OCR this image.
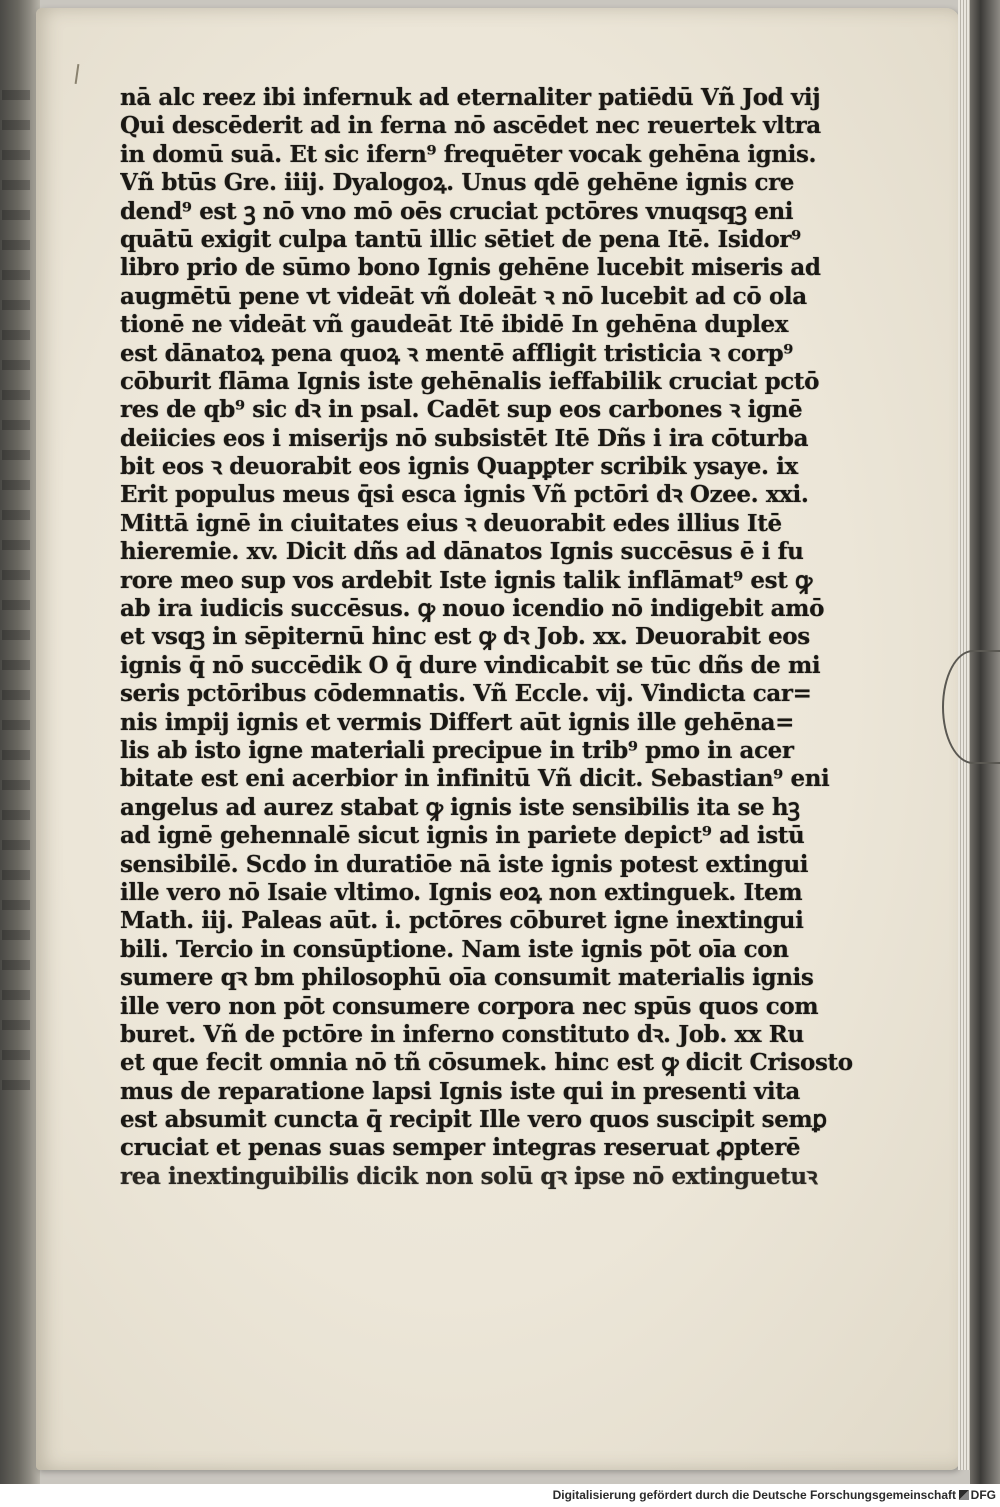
nā alc reez ibi infernuk ad eternaliter patiēdū Vñ Jod vij
Qui descēderit ad in ferna nō ascēdet nec reuertek vltra
in domū suā. Et sic ifern⁹ frequēter vocak gehēna ignis.
Vñ btūs Gre. iiij. Dyalogoꝝ. Unus qdē gehēne ignis cre
dend⁹ est ꝫ nō vno mō oēs cruciat pctōres vnuqsqꝫ eni
quātū exigit culpa tantū illic sētiet de pena Itē. Isidor⁹
libro prio de sūmo bono Ignis gehēne lucebit miseris ad
augmētū pene vt videāt vñ doleāt ꝛ nō lucebit ad cō ola
tionē ne videāt vñ gaudeāt Itē ibidē In gehēna duplex
est dānatoꝝ pena quoꝝ ꝛ mentē affligit tristicia ꝛ corp⁹
cōburit flāma Ignis iste gehēnalis ieffabilik cruciat pctō
res de qb⁹ sic dꝛ in psal. Cadēt sup eos carbones ꝛ ignē
deiicies eos i miserijs nō subsistēt Itē Dñs i ira cōturba
bit eos ꝛ deuorabit eos ignis Quapꝑter scribik ysaye. ix
Erit populus meus q̄si esca ignis Vñ pctōri dꝛ Ozee. xxi.
Mittā ignē in ciuitates eius ꝛ deuorabit edes illius Itē
hieremie. xv. Dicit dñs ad dānatos Ignis succēsus ē i fu
rore meo sup vos ardebit Iste ignis talik inflāmat⁹ est ꝙ
ab ira iudicis succēsus. ꝙ nouo icendio nō indigebit amō
et vsqꝫ in sēpiternū hinc est ꝙ dꝛ Job. xx. Deuorabit eos
ignis q̄ nō succēdik O q̄ dure vindicabit se tūc dñs de mi
seris pctōribus cōdemnatis. Vñ Eccle. vij. Vindicta car=
nis impij ignis et vermis Differt aūt ignis ille gehēna=
lis ab isto igne materiali precipue in trib⁹ pmo in acer
bitate est eni acerbior in infinitū Vñ dicit. Sebastian⁹ eni
angelus ad aurez stabat ꝙ ignis iste sensibilis ita se hꝫ
ad ignē gehennalē sicut ignis in pariete depict⁹ ad istū
sensibilē. Scdo in duratiōe nā iste ignis potest extingui
ille vero nō Isaie vltimo. Ignis eoꝝ non extinguek. Item
Math. iij. Paleas aūt. i. pctōres cōburet igne inextingui
bili. Tercio in consūptione. Nam iste ignis pōt oīa con
sumere qꝛ bm philosophū oīa consumit materialis ignis
ille vero non pōt consumere corpora nec spūs quos com
buret. Vñ de pctōre in inferno constituto dꝛ. Job. xx Ru
et que fecit omnia nō tñ cōsumek. hinc est ꝙ dicit Crisosto
mus de reparatione lapsi Ignis iste qui in presenti vita
est absumit cuncta q̄ recipit Ille vero quos suscipit semꝑ
cruciat et penas suas semper integras reseruat ꝓpterē
rea inextinguibilis dicik non solū qꝛ ipse nō extinguetuꝛ
Digitalisierung gefördert durch die Deutsche Forschungsgemeinschaft DFG
